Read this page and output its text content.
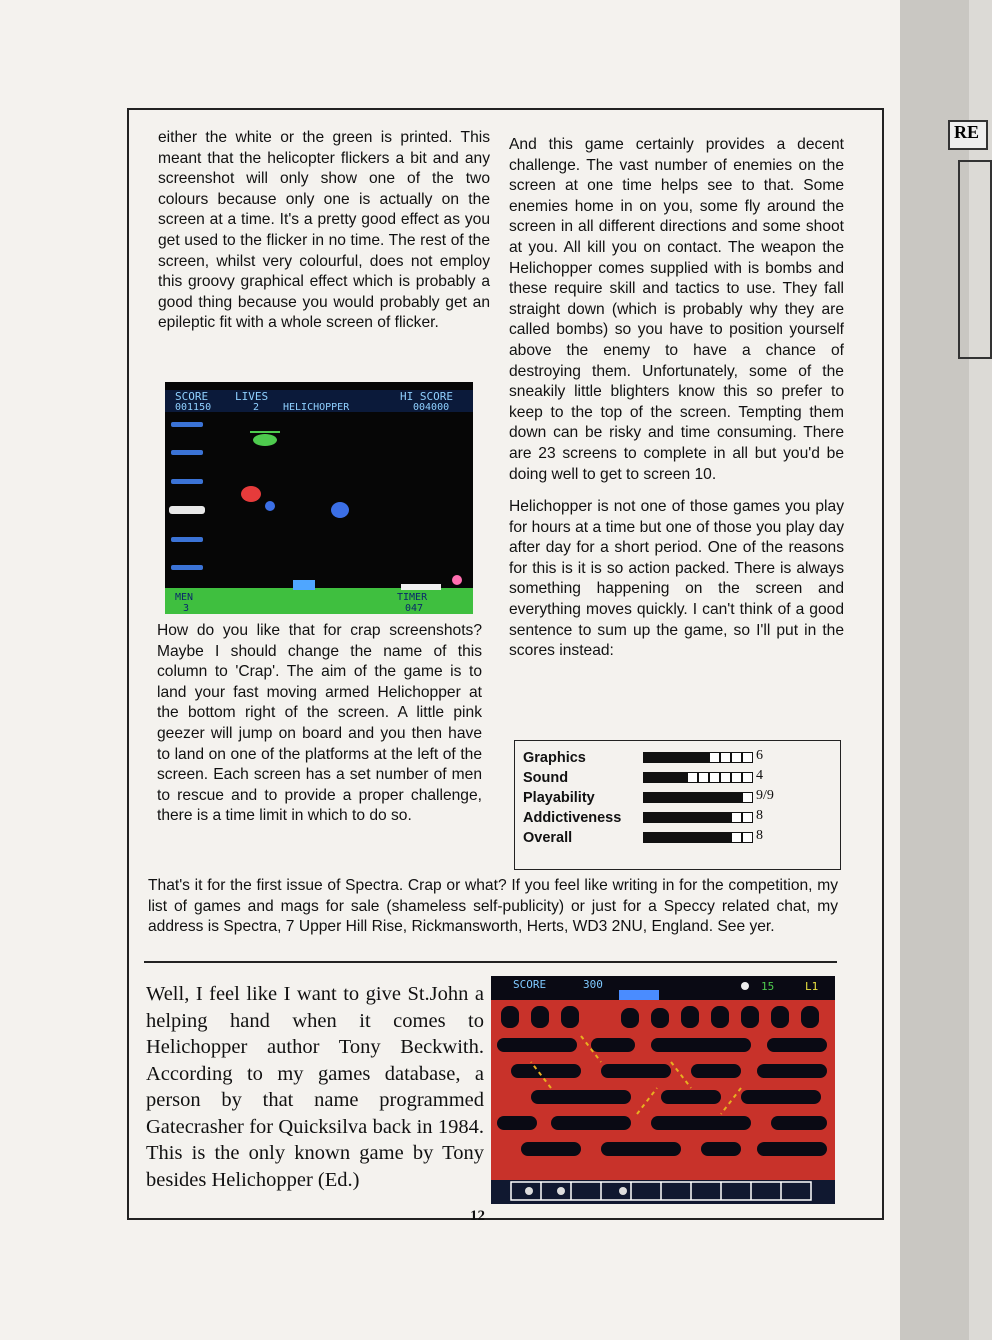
RE

either the white or the green is printed. This meant that the helicopter flickers a bit and any screenshot will only show one of the two colours because only one is actually on the screen at a time. It's a pretty good effect as you get used to the flicker in no time. The rest of the screen, whilst very colourful, does not employ this groovy graphical effect which is probably a good thing because you would probably get an epileptic fit with a whole screen of flicker.

SCORE LIVES	HI SCORE
001150	2 HELICHOPPER	004000
MEN
3
TIMER
047

How do you like that for crap screenshots? Maybe I should change the name of this column to 'Crap'. The aim of the game is to land your fast moving armed Helichopper at the bottom right of the screen. A little pink geezer will jump on board and you then have to land on one of the platforms at the left of the screen. Each screen has a set number of men to rescue and to provide a proper challenge, there is a time limit in which to do so.

And this game certainly provides a decent challenge. The vast number of enemies on the screen at one time helps see to that. Some enemies home in on you, some fly around the screen in all different directions and some shoot at you. All kill you on contact. The weapon the Helichopper comes supplied with is bombs and these require skill and tactics to use. They fall straight down (which is probably why they are called bombs) so you have to position yourself above the enemy to have a chance of destroying them. Unfortunately, some of the sneakily little blighters know this so prefer to keep to the top of the screen. Tempting them down can be risky and time consuming. There are 23 screens to complete in all but you'd be doing well to get to screen 10.

Helichopper is not one of those games you play for hours at a time but one of those you play day after day for a short period. One of the reasons for this is it is so action packed. There is always something happening on the screen and everything moves quickly. I can't think of a good sentence to sum up the game, so I'll put in the scores instead:

Graphics	6
Sound	4
Playability	9/9
Addictiveness	8
Overall	8

That's it for the first issue of Spectra. Crap or what? If you feel like writing in for the competition, my list of games and mags for sale (shameless self-publicity) or just for a Speccy related chat, my address is Spectra, 7 Upper Hill Rise, Rickmansworth, Herts, WD3 2NU, England. See yer.

Well, I feel like I want to give St.John a helping hand when it comes to Helichopper author Tony Beckwith. According to my games database, a person by that name programmed Gatecrasher for Quicksilva back in 1984. This is the only known game by Tony besides Helichopper (Ed.)
SCORE	300	15	L1
12
